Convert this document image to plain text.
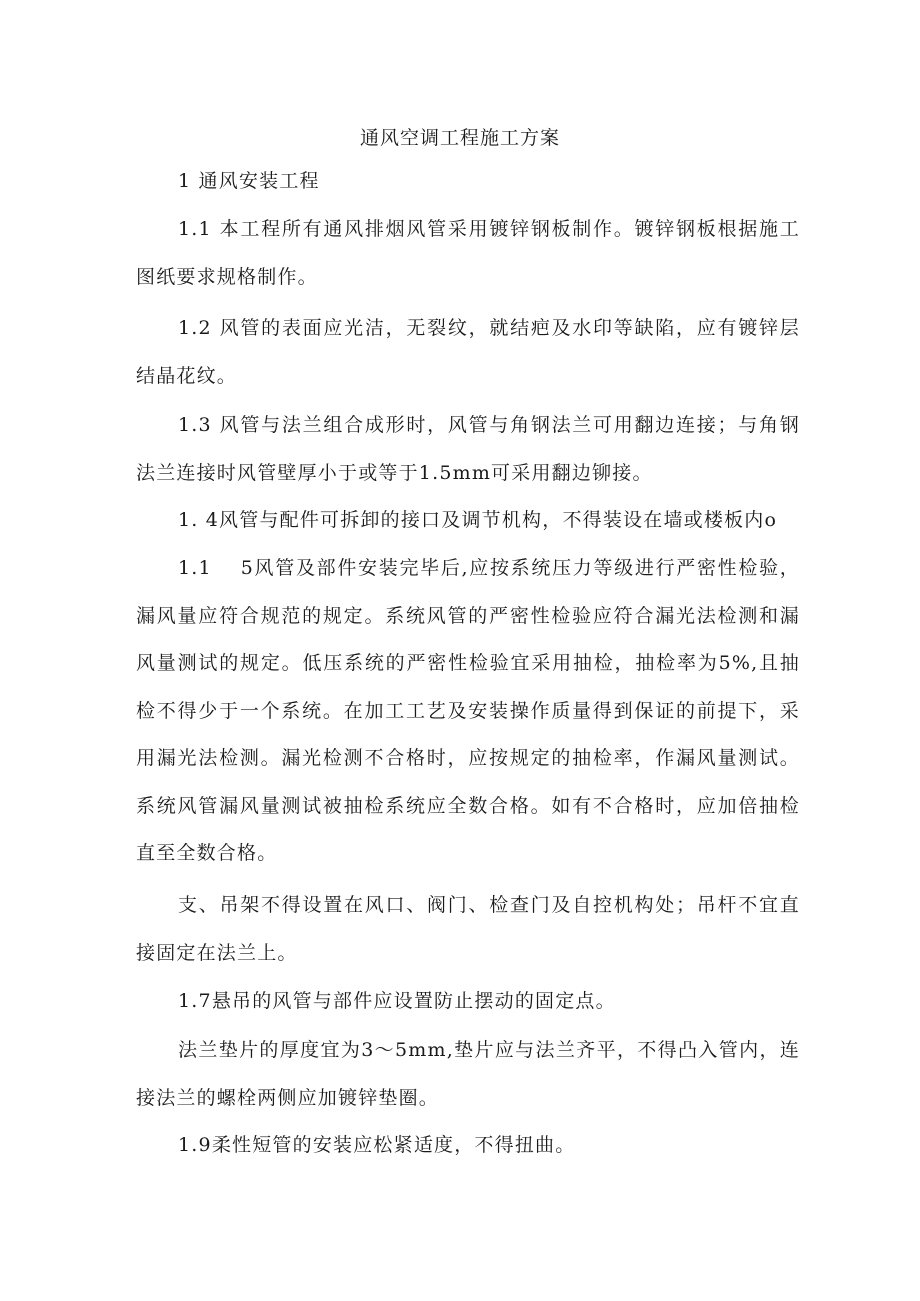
通风空调工程施工方案

1 通风安装工程

1.1 本工程所有通风排烟风管采用镀锌钢板制作。镀锌钢板根据施工图纸要求规格制作。

1.2 风管的表面应光洁，无裂纹，就结疤及水印等缺陷，应有镀锌层结晶花纹。

1.3 风管与法兰组合成形时，风管与角钢法兰可用翻边连接；与角钢法兰连接时风管壁厚小于或等于1.5mm可采用翻边铆接。

1. 4风管与配件可拆卸的接口及调节机构，不得装设在墙或楼板内o

1.1　 5风管及部件安装完毕后,应按系统压力等级进行严密性检验，漏风量应符合规范的规定。系统风管的严密性检验应符合漏光法检测和漏风量测试的规定。低压系统的严密性检验宜采用抽检，抽检率为5%,且抽检不得少于一个系统。在加工工艺及安装操作质量得到保证的前提下，采用漏光法检测。漏光检测不合格时，应按规定的抽检率，作漏风量测试。系统风管漏风量测试被抽检系统应全数合格。如有不合格时，应加倍抽检直至全数合格。

支、吊架不得设置在风口、阀门、检查门及自控机构处；吊杆不宜直接固定在法兰上。

1.7悬吊的风管与部件应设置防止摆动的固定点。

法兰垫片的厚度宜为3～5mm,垫片应与法兰齐平，不得凸入管内，连接法兰的螺栓两侧应加镀锌垫圈。

1.9柔性短管的安装应松紧适度，不得扭曲。
